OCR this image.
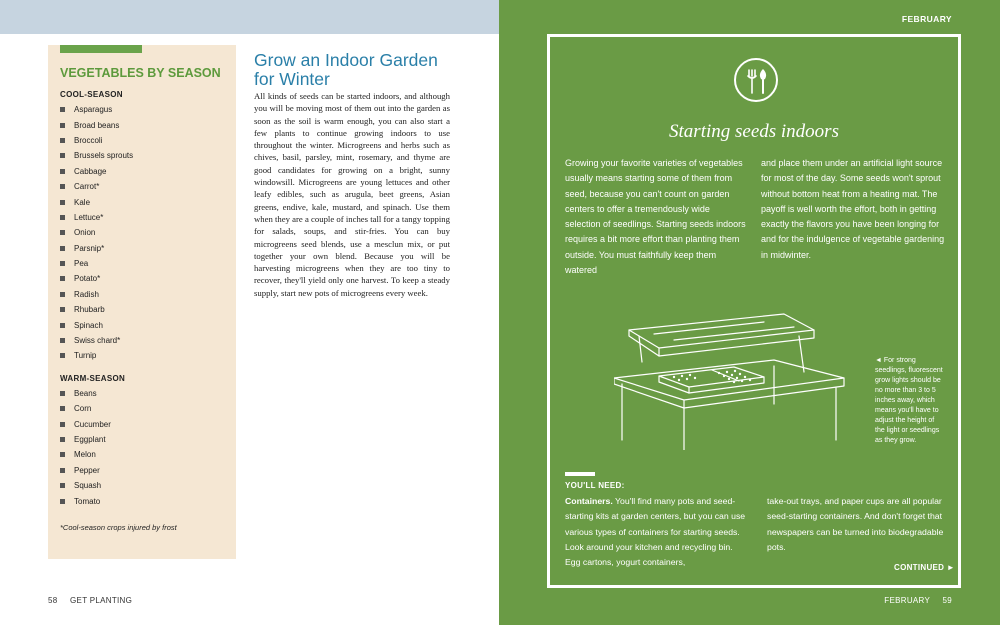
VEGETABLES BY SEASON
COOL-SEASON
Asparagus
Broad beans
Broccoli
Brussels sprouts
Cabbage
Carrot*
Kale
Lettuce*
Onion
Parsnip*
Pea
Potato*
Radish
Rhubarb
Spinach
Swiss chard*
Turnip
WARM-SEASON
Beans
Corn
Cucumber
Eggplant
Melon
Pepper
Squash
Tomato
*Cool-season crops injured by frost
Grow an Indoor Garden for Winter

All kinds of seeds can be started indoors, and although you will be moving most of them out into the garden as soon as the soil is warm enough, you can also start a few plants to continue growing indoors to use throughout the winter. Microgreens and herbs such as chives, basil, parsley, mint, rosemary, and thyme are good candidates for growing on a bright, sunny windowsill. Microgreens are young lettuces and other leafy edibles, such as arugula, beet greens, Asian greens, endive, kale, mustard, and spinach. Use them when they are a couple of inches tall for a tangy topping for salads, soups, and stir-fries. You can buy microgreens seed blends, use a mesclun mix, or put together your own blend. Because you will be harvesting microgreens when they are too tiny to recover, they'll yield only one harvest. To keep a steady supply, start new pots of microgreens every week.

58 GET PLANTING
FEBRUARY
Starting seeds indoors

Growing your favorite varieties of vegetables usually means starting some of them from seed, because you can't count on garden centers to offer a tremendously wide selection of seedlings. Starting seeds indoors requires a bit more effort than planting them outside. You must faithfully keep them watered

and place them under an artificial light source for most of the day. Some seeds won't sprout without bottom heat from a heating mat. The payoff is well worth the effort, both in getting exactly the flavors you have been longing for and for the indulgence of vegetable gardening in midwinter.

◄ For strong seedlings, fluorescent grow lights should be no more than 3 to 5 inches away, which means you'll have to adjust the height of the light or seedlings as they grow.

YOU'LL NEED:

Containers. You'll find many pots and seed-starting kits at garden centers, but you can use various types of containers for starting seeds. Look around your kitchen and recycling bin. Egg cartons, yogurt containers,

take-out trays, and paper cups are all popular seed-starting containers. And don't forget that newspapers can be turned into biodegradable pots.

CONTINUED ►
FEBRUARY 59
